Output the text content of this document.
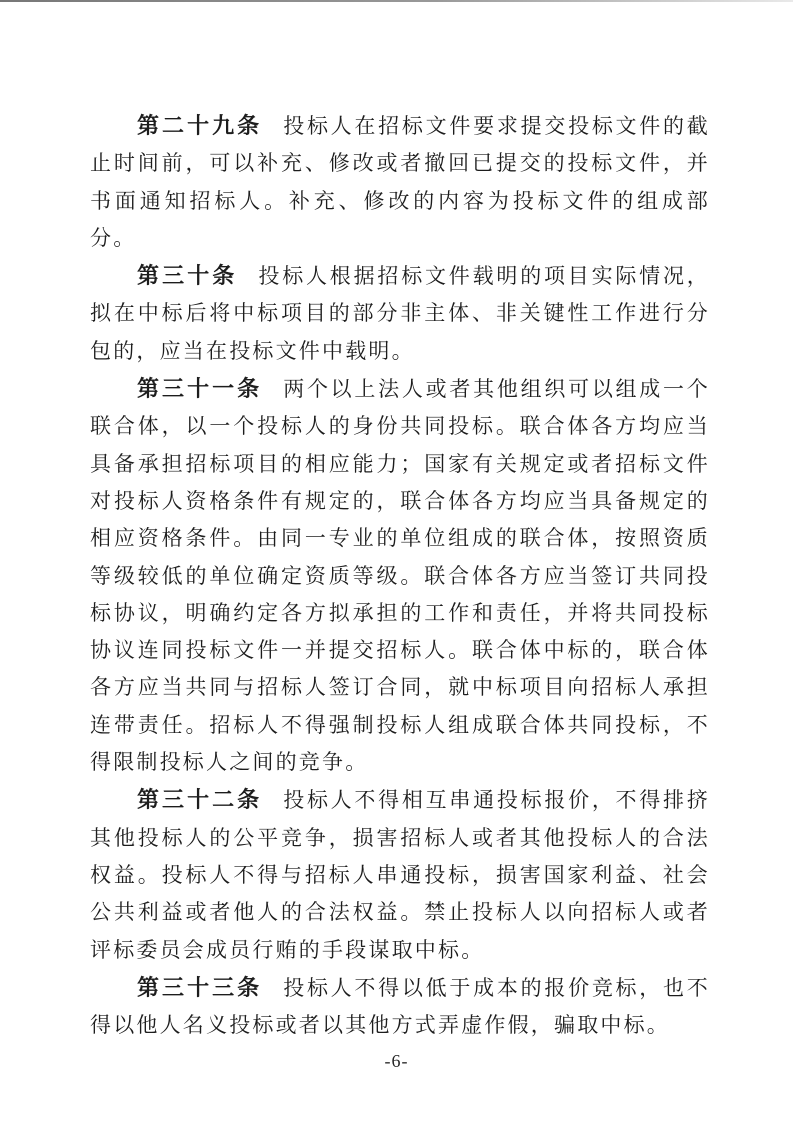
第二十九条 投标人在招标文件要求提交投标文件的截止时间前，可以补充、修改或者撤回已提交的投标文件，并书面通知招标人。补充、修改的内容为投标文件的组成部分。

第三十条 投标人根据招标文件载明的项目实际情况，拟在中标后将中标项目的部分非主体、非关键性工作进行分包的，应当在投标文件中载明。

第三十一条 两个以上法人或者其他组织可以组成一个联合体，以一个投标人的身份共同投标。联合体各方均应当具备承担招标项目的相应能力；国家有关规定或者招标文件对投标人资格条件有规定的，联合体各方均应当具备规定的相应资格条件。由同一专业的单位组成的联合体，按照资质等级较低的单位确定资质等级。联合体各方应当签订共同投标协议，明确约定各方拟承担的工作和责任，并将共同投标协议连同投标文件一并提交招标人。联合体中标的，联合体各方应当共同与招标人签订合同，就中标项目向招标人承担连带责任。招标人不得强制投标人组成联合体共同投标，不得限制投标人之间的竞争。

第三十二条 投标人不得相互串通投标报价，不得排挤其他投标人的公平竞争，损害招标人或者其他投标人的合法权益。投标人不得与招标人串通投标，损害国家利益、社会公共利益或者他人的合法权益。禁止投标人以向招标人或者评标委员会成员行贿的手段谋取中标。

第三十三条 投标人不得以低于成本的报价竞标，也不得以他人名义投标或者以其他方式弄虚作假，骗取中标。

-6-
